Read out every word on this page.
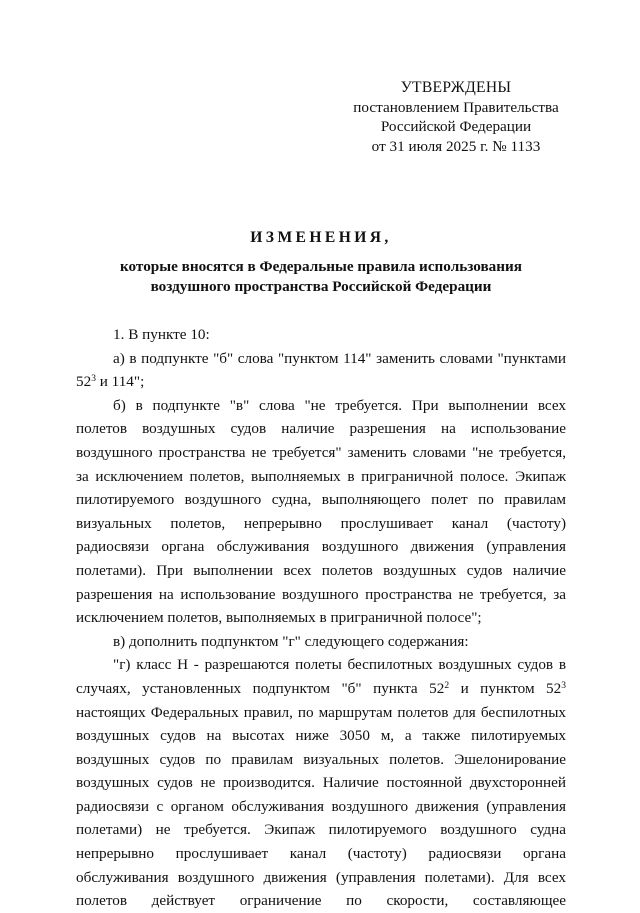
УТВЕРЖДЕНЫ
постановлением Правительства
Российской Федерации
от 31 июля 2025 г. № 1133
ИЗМЕНЕНИЯ,
которые вносятся в Федеральные правила использования
воздушного пространства Российской Федерации

1. В пункте 10:

а) в подпункте "б" слова "пунктом 114" заменить словами "пунктами $52^3$ и 114";

б) в подпункте "в" слова "не требуется. При выполнении всех полетов воздушных судов наличие разрешения на использование воздушного пространства не требуется" заменить словами "не требуется, за исключением полетов, выполняемых в приграничной полосе. Экипаж пилотируемого воздушного судна, выполняющего полет по правилам визуальных полетов, непрерывно прослушивает канал (частоту) радиосвязи органа обслуживания воздушного движения (управления полетами). При выполнении всех полетов воздушных судов наличие разрешения на использование воздушного пространства не требуется, за исключением полетов, выполняемых в приграничной полосе";

в) дополнить подпунктом "г" следующего содержания:

"г) класс H - разрешаются полеты беспилотных воздушных судов в случаях, установленных подпунктом "б" пункта $52^2$ и пунктом $52^3$ настоящих Федеральных правил, по маршрутам полетов для беспилотных воздушных судов на высотах ниже 3050 м, а также пилотируемых воздушных судов по правилам визуальных полетов. Эшелонирование воздушных судов не производится. Наличие постоянной двухсторонней радиосвязи с органом обслуживания воздушного движения (управления полетами) не требуется. Экипаж пилотируемого воздушного судна непрерывно прослушивает канал (частоту) радиосвязи органа обслуживания воздушного движения (управления полетами). Для всех полетов действует ограничение по скорости, составляющее
